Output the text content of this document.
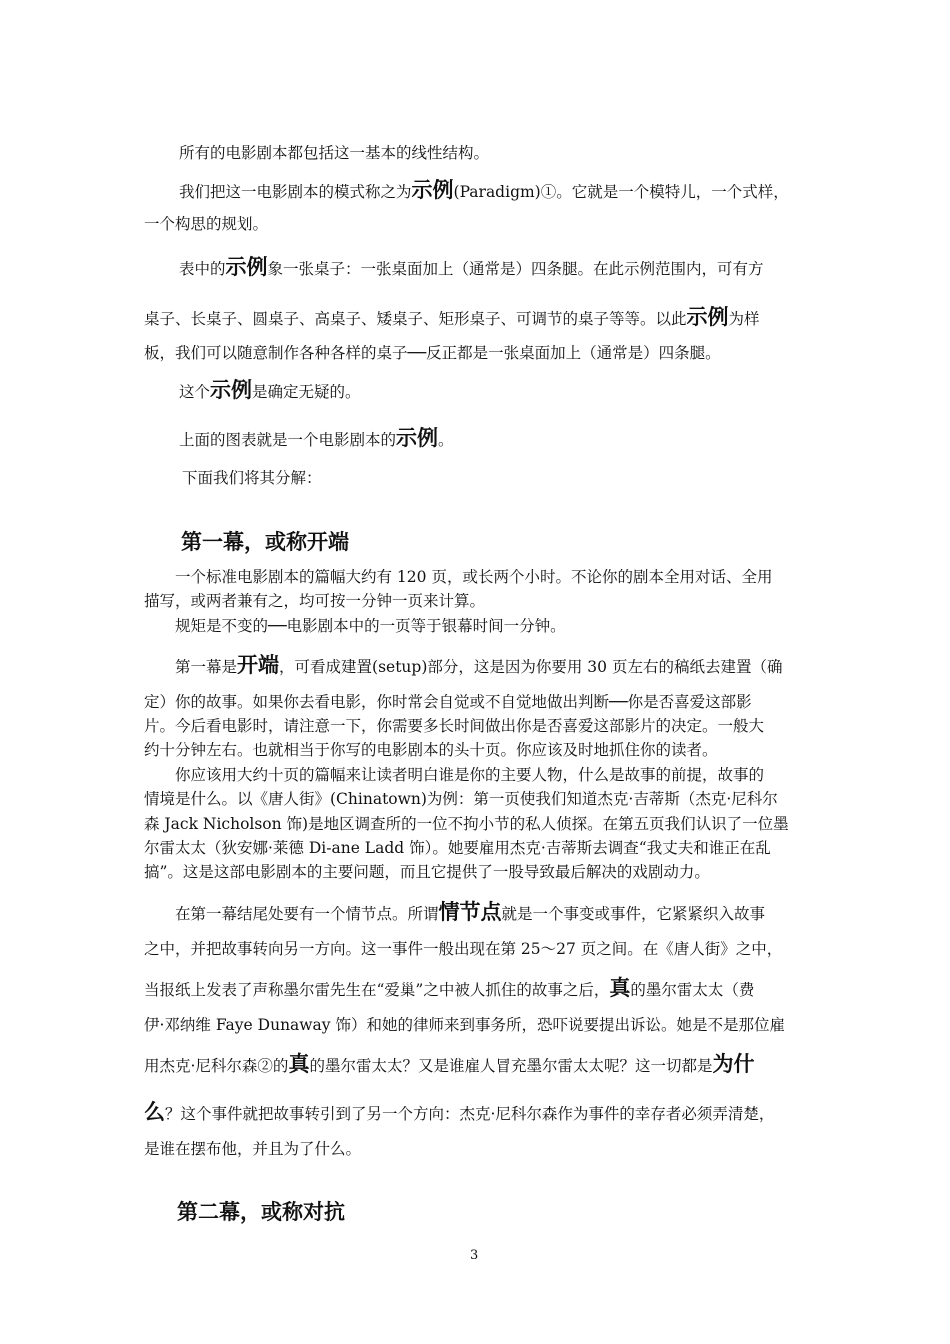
所有的电影剧本都包括这一基本的线性结构。
我们把这一电影剧本的模式称之为示例(Paradigm)①。它就是一个模特儿，一个式样，
一个构思的规划。
表中的示例象一张桌子：一张桌面加上（通常是）四条腿。在此示例范围内，可有方
桌子、长桌子、圆桌子、高桌子、矮桌子、矩形桌子、可调节的桌子等等。以此示例为样
板，我们可以随意制作各种各样的桌子──反正都是一张桌面加上（通常是）四条腿。
这个示例是确定无疑的。
上面的图表就是一个电影剧本的示例。
下面我们将其分解：
第一幕，或称开端
一个标准电影剧本的篇幅大约有 120 页，或长两个小时。不论你的剧本全用对话、全用
描写，或两者兼有之，均可按一分钟一页来计算。
规矩是不变的──电影剧本中的一页等于银幕时间一分钟。
第一幕是开端，可看成建置(setup)部分，这是因为你要用 30 页左右的稿纸去建置（确
定）你的故事。如果你去看电影，你时常会自觉或不自觉地做出判断──你是否喜爱这部影
片。今后看电影时，请注意一下，你需要多长时间做出你是否喜爱这部影片的决定。一般大
约十分钟左右。也就相当于你写的电影剧本的头十页。你应该及时地抓住你的读者。
你应该用大约十页的篇幅来让读者明白谁是你的主要人物，什么是故事的前提，故事的
情境是什么。以《唐人街》(Chinatown)为例：第一页使我们知道杰克·吉蒂斯（杰克·尼科尔
森 Jack Nicholson 饰)是地区调查所的一位不拘小节的私人侦探。在第五页我们认识了一位墨
尔雷太太（狄安娜·莱德 Di-ane Ladd 饰）。她要雇用杰克·吉蒂斯去调查“我丈夫和谁正在乱
搞”。这是这部电影剧本的主要问题，而且它提供了一股导致最后解决的戏剧动力。
在第一幕结尾处要有一个情节点。所谓情节点就是一个事变或事件，它紧紧织入故事
之中，并把故事转向另一方向。这一事件一般出现在第 25～27 页之间。在《唐人街》之中，
当报纸上发表了声称墨尔雷先生在“爱巢”之中被人抓住的故事之后，真的墨尔雷太太（费
伊·邓纳维 Faye Dunaway 饰）和她的律师来到事务所，恐吓说要提出诉讼。她是不是那位雇
用杰克·尼科尔森②的真的墨尔雷太太？又是谁雇人冒充墨尔雷太太呢？这一切都是为什
么？这个事件就把故事转引到了另一个方向：杰克·尼科尔森作为事件的幸存者必须弄清楚，
是谁在摆布他，并且为了什么。
第二幕，或称对抗
3
